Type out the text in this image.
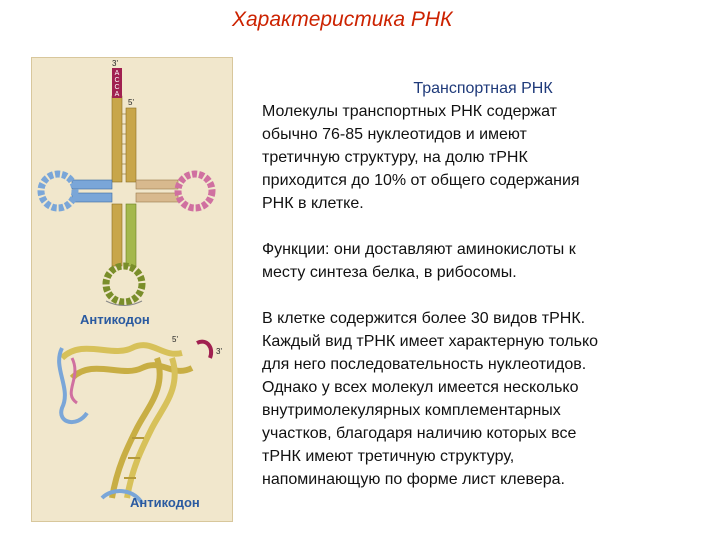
Характеристика РНК
A
C
C
A
3'
5'
5'
3'
Антикодон
Антикодон
Транспортная РНК
Молекулы транспортных РНК содержат
обычно 76-85 нуклеотидов и имеют
третичную структуру, на долю тРНК
приходится до 10% от общего содержания
РНК в клетке.
Функции: они доставляют аминокислоты к
месту синтеза белка, в рибосомы.
В клетке содержится более 30 видов тРНК.
Каждый вид тРНК имеет характерную только
для него последовательность нуклеотидов.
Однако у всех молекул имеется несколько
внутримолекулярных комплементарных
участков, благодаря наличию которых все
тРНК имеют третичную структуру,
напоминающую по форме лист клевера.
